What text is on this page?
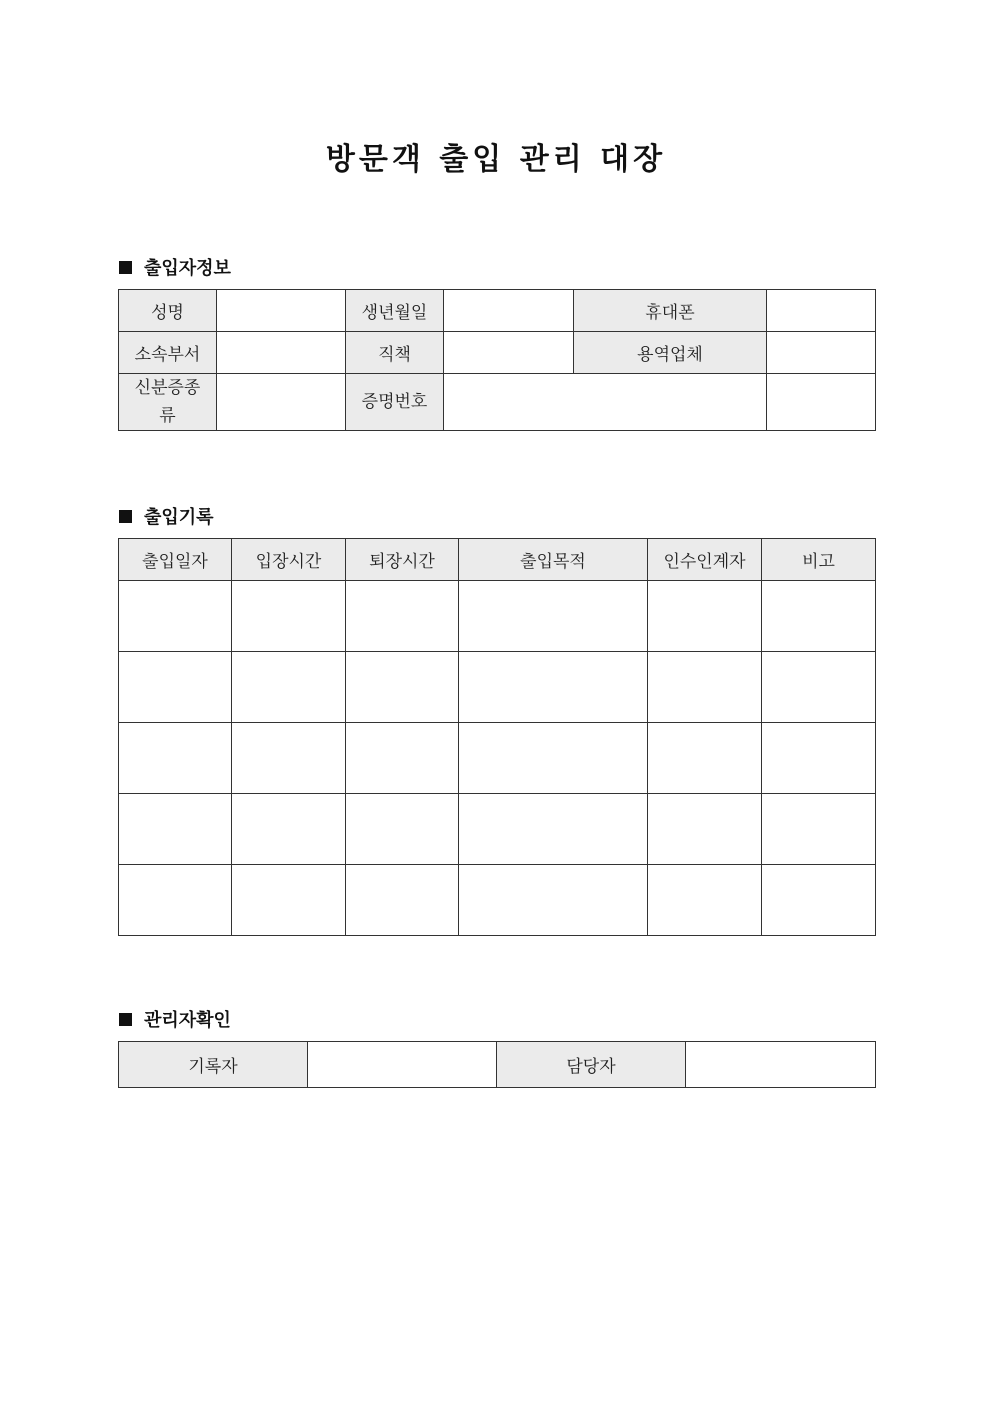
방문객 출입 관리 대장
출입자정보
성명		생년월일		휴대폰	
소속부서		직책		용역업체	
신분증종류		증명번호			
출입기록
출입일자	입장시간	퇴장시간	출입목적	인수인계자	비고

관리자확인
기록자		담당자	
